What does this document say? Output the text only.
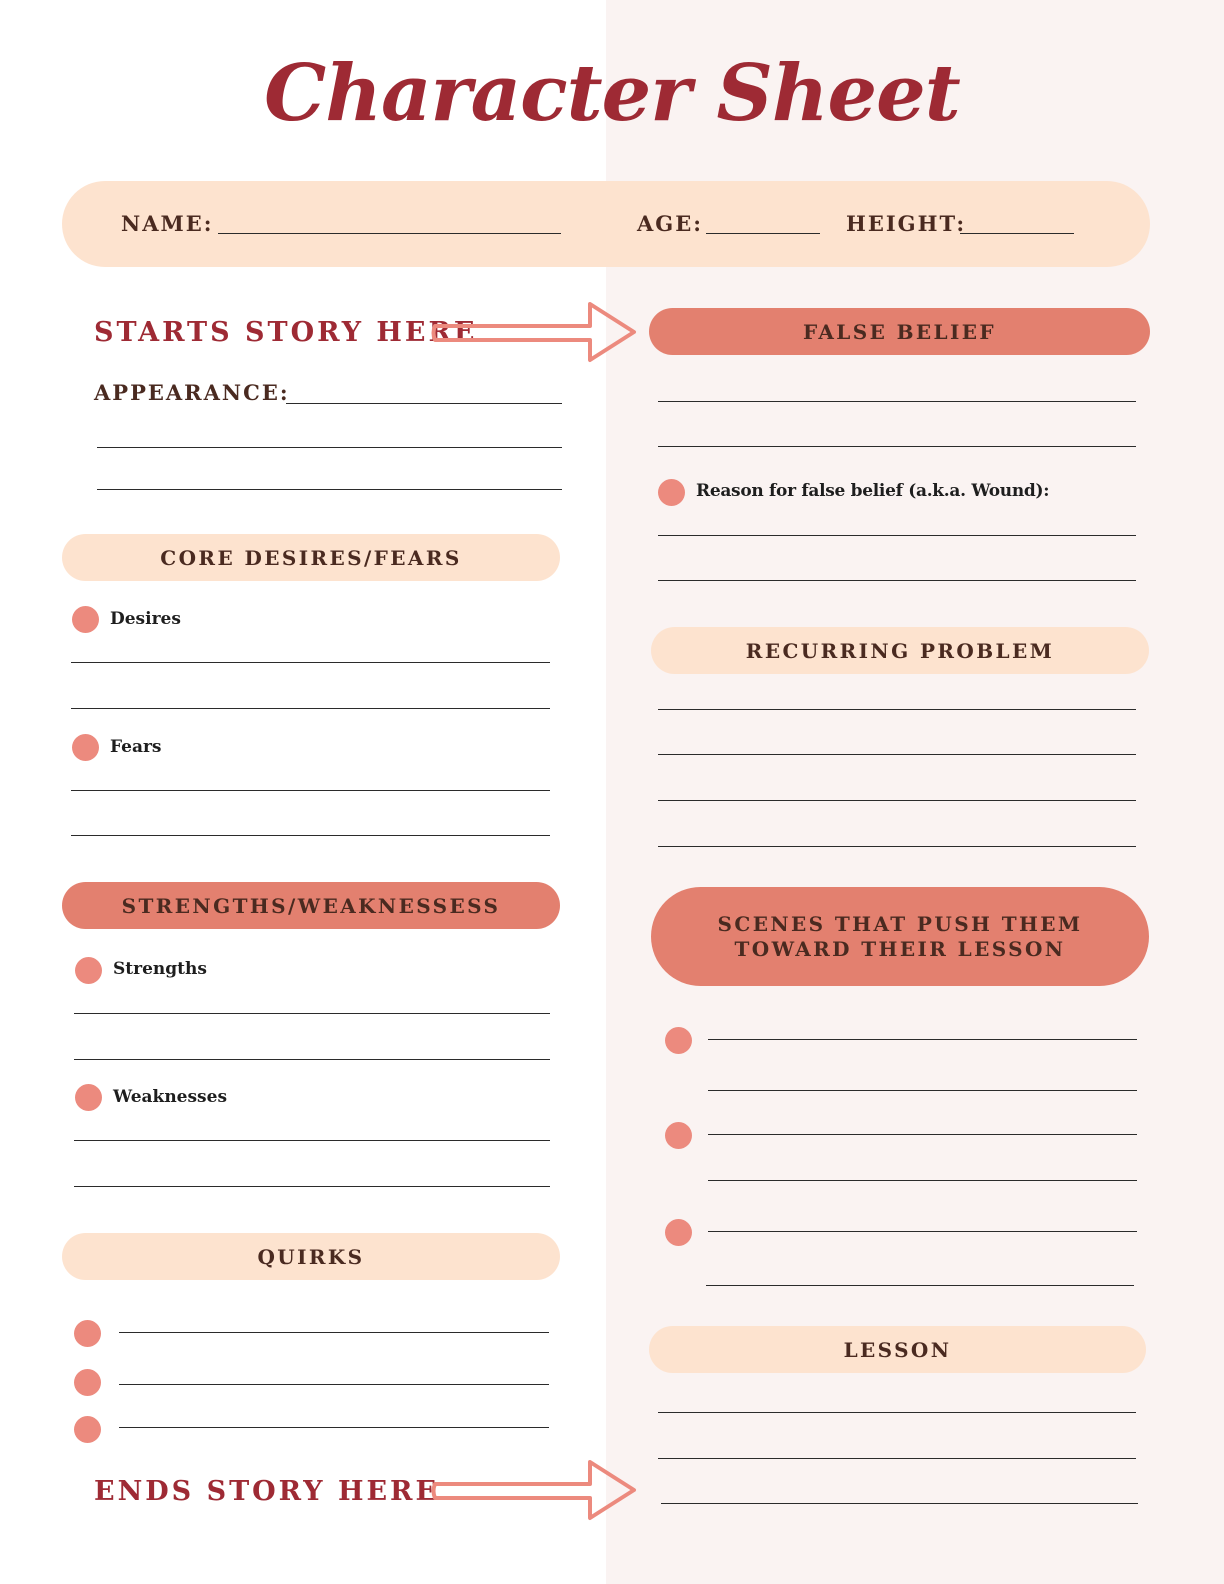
Character Sheet
NAME:	AGE:	HEIGHT:
STARTS STORY HERE
APPEARANCE:
CORE DESIRES/FEARS
Desires
Fears
STRENGTHS/WEAKNESSESS
Strengths
Weaknesses
QUIRKS
ENDS STORY HERE
FALSE BELIEF
Reason for false belief (a.k.a. Wound):
RECURRING PROBLEM
SCENES THAT PUSH THEM
TOWARD THEIR LESSON
LESSON
